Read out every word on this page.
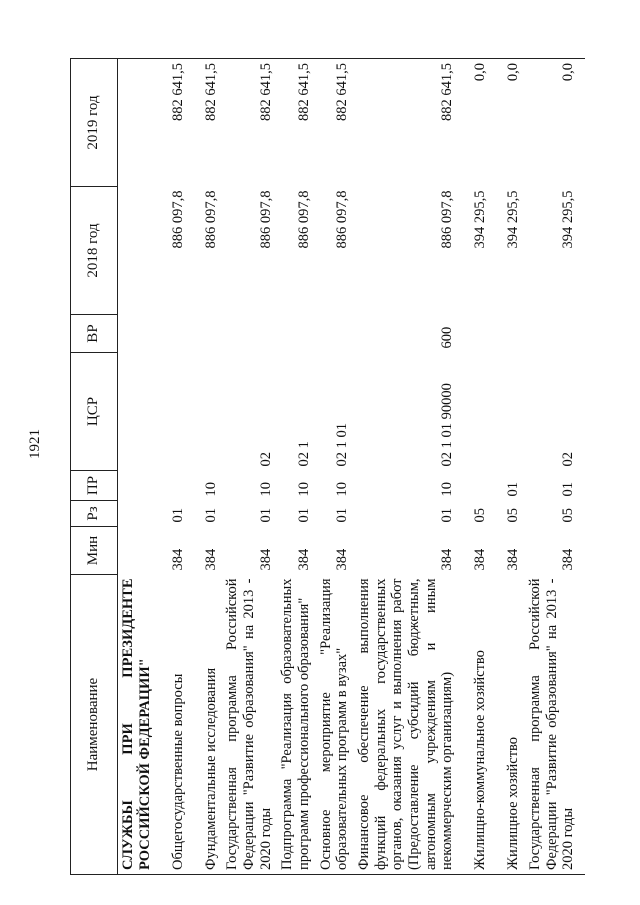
1921
Наименование	Мин	Рз	ПР	ЦСР	ВР	2018 год	2019 год
СЛУЖБЫ ПРИ ПРЕЗИДЕНТЕ РОССИЙСКОЙ ФЕДЕРАЦИИ"							
Общегосударственные вопросы	384	01				886 097,8	882 641,5
Фундаментальные исследования	384	01	10			886 097,8	882 641,5
Государственная программа Российской Федерации "Развитие образования" на 2013 - 2020 годы	384	01	10	02		886 097,8	882 641,5
Подпрограмма "Реализация образовательных программ профессионального образования"	384	01	10	02 1		886 097,8	882 641,5
Основное мероприятие "Реализация образовательных программ в вузах"	384	01	10	02 1 01		886 097,8	882 641,5
Финансовое обеспечение выполнения функций федеральных государственных органов, оказания услуг и выполнения работ (Предоставление субсидий бюджетным, автономным учреждениям и иным некоммерческим организациям)	384	01	10	02 1 01 90000	600	886 097,8	882 641,5
Жилищно-коммунальное хозяйство	384	05				394 295,5	0,0
Жилищное хозяйство	384	05	01			394 295,5	0,0
Государственная программа Российской Федерации "Развитие образования" на 2013 - 2020 годы	384	05	01	02		394 295,5	0,0
